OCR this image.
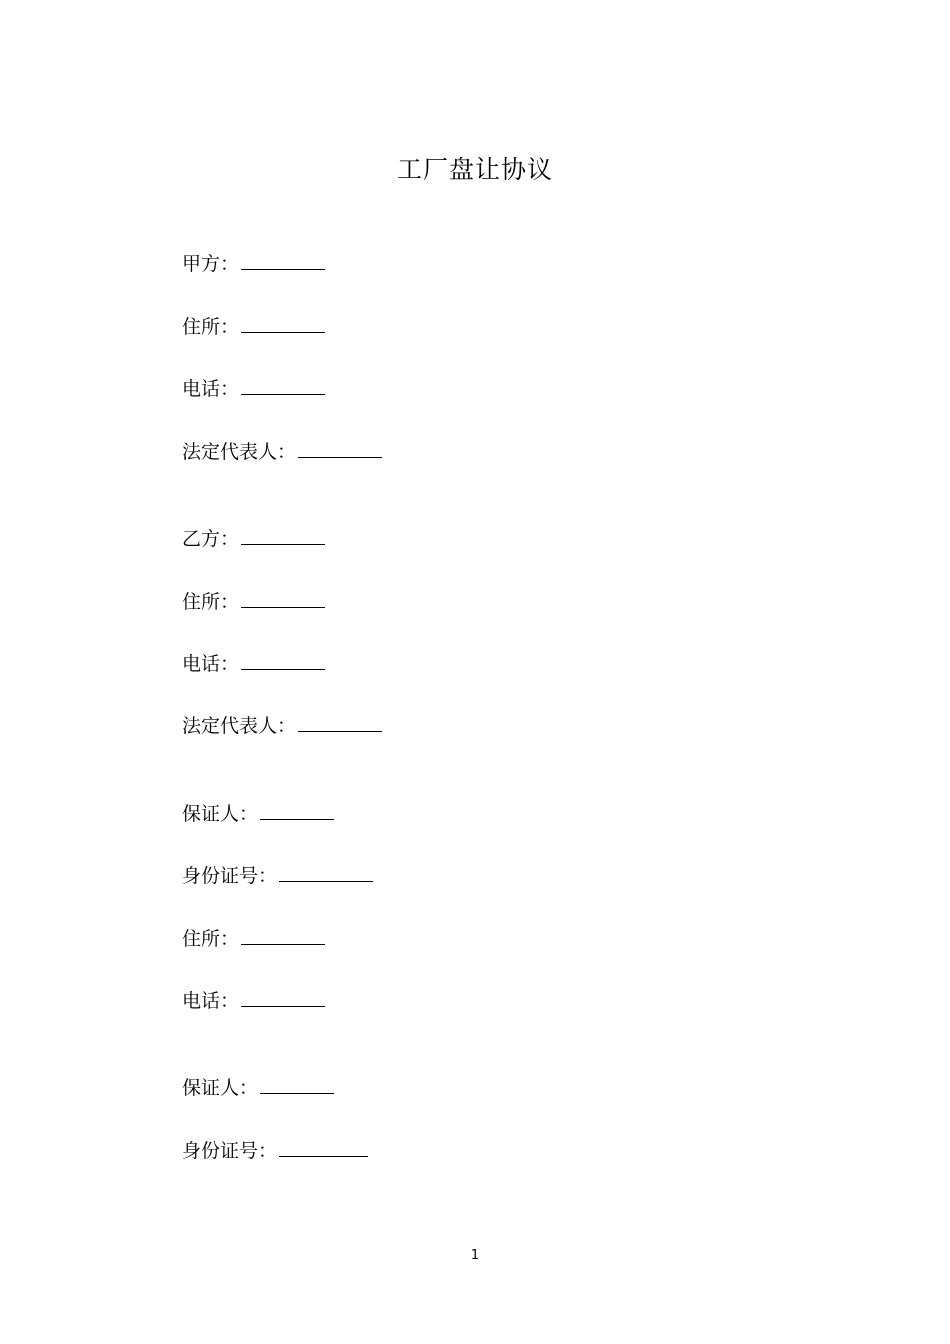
工厂盘让协议
甲方：
住所：
电话：
法定代表人：
乙方：
住所：
电话：
法定代表人：
保证人：
身份证号：
住所：
电话：
保证人：
身份证号：
1
